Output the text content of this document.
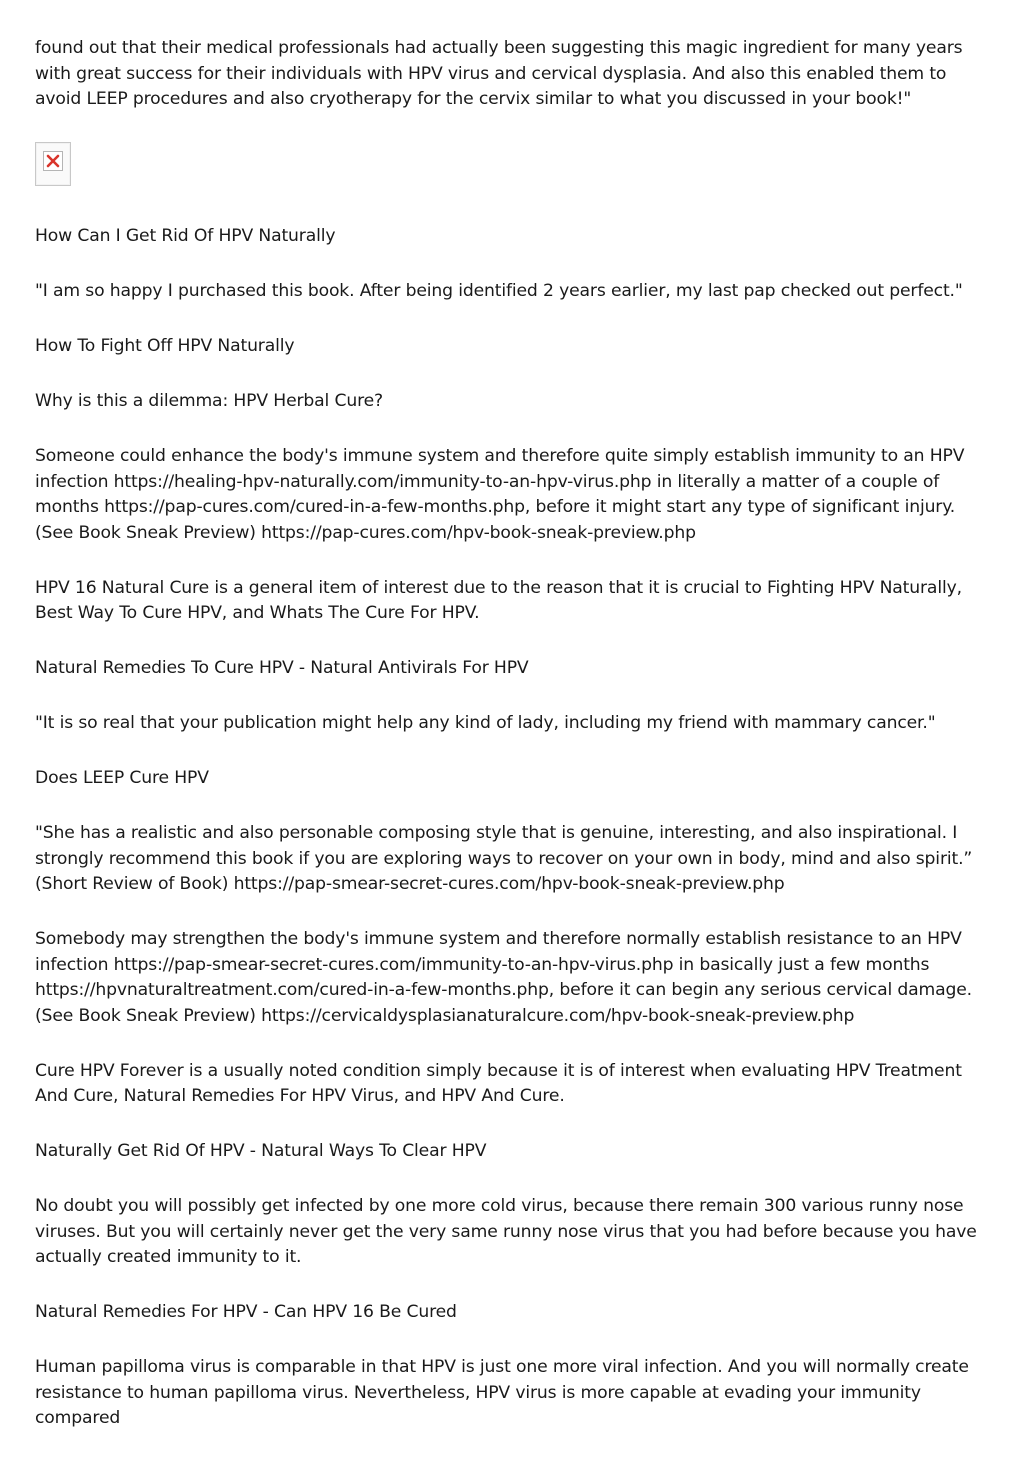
found out that their medical professionals had actually been suggesting this magic ingredient for many years with great success for their individuals with HPV virus and cervical dysplasia. And also this enabled them to avoid LEEP procedures and also cryotherapy for the cervix similar to what you discussed in your book!"

How Can I Get Rid Of HPV Naturally

"I am so happy I purchased this book. After being identified 2 years earlier, my last pap checked out perfect."

How To Fight Off HPV Naturally

Why is this a dilemma: HPV Herbal Cure?

Someone could enhance the body's immune system and therefore quite simply establish immunity to an HPV infection https://healing-hpv-naturally.com/immunity-to-an-hpv-virus.php in literally a matter of a couple of months https://pap-cures.com/cured-in-a-few-months.php, before it might start any type of significant injury. (See Book Sneak Preview) https://pap-cures.com/hpv-book-sneak-preview.php

HPV 16 Natural Cure is a general item of interest due to the reason that it is crucial to Fighting HPV Naturally, Best Way To Cure HPV, and Whats The Cure For HPV.

Natural Remedies To Cure HPV - Natural Antivirals For HPV

"It is so real that your publication might help any kind of lady, including my friend with mammary cancer."

Does LEEP Cure HPV

"She has a realistic and also personable composing style that is genuine, interesting, and also inspirational. I strongly recommend this book if you are exploring ways to recover on your own in body, mind and also spirit.” (Short Review of Book) https://pap-smear-secret-cures.com/hpv-book-sneak-preview.php

Somebody may strengthen the body's immune system and therefore normally establish resistance to an HPV infection https://pap-smear-secret-cures.com/immunity-to-an-hpv-virus.php in basically just a few months https://hpvnaturaltreatment.com/cured-in-a-few-months.php, before it can begin any serious cervical damage. (See Book Sneak Preview) https://cervicaldysplasianaturalcure.com/hpv-book-sneak-preview.php

Cure HPV Forever is a usually noted condition simply because it is of interest when evaluating HPV Treatment And Cure, Natural Remedies For HPV Virus, and HPV And Cure.

Naturally Get Rid Of HPV - Natural Ways To Clear HPV

No doubt you will possibly get infected by one more cold virus, because there remain 300 various runny nose viruses. But you will certainly never get the very same runny nose virus that you had before because you have actually created immunity to it.

Natural Remedies For HPV - Can HPV 16 Be Cured

Human papilloma virus is comparable in that HPV is just one more viral infection. And you will normally create resistance to human papilloma virus. Nevertheless, HPV virus is more capable at evading your immunity compared
